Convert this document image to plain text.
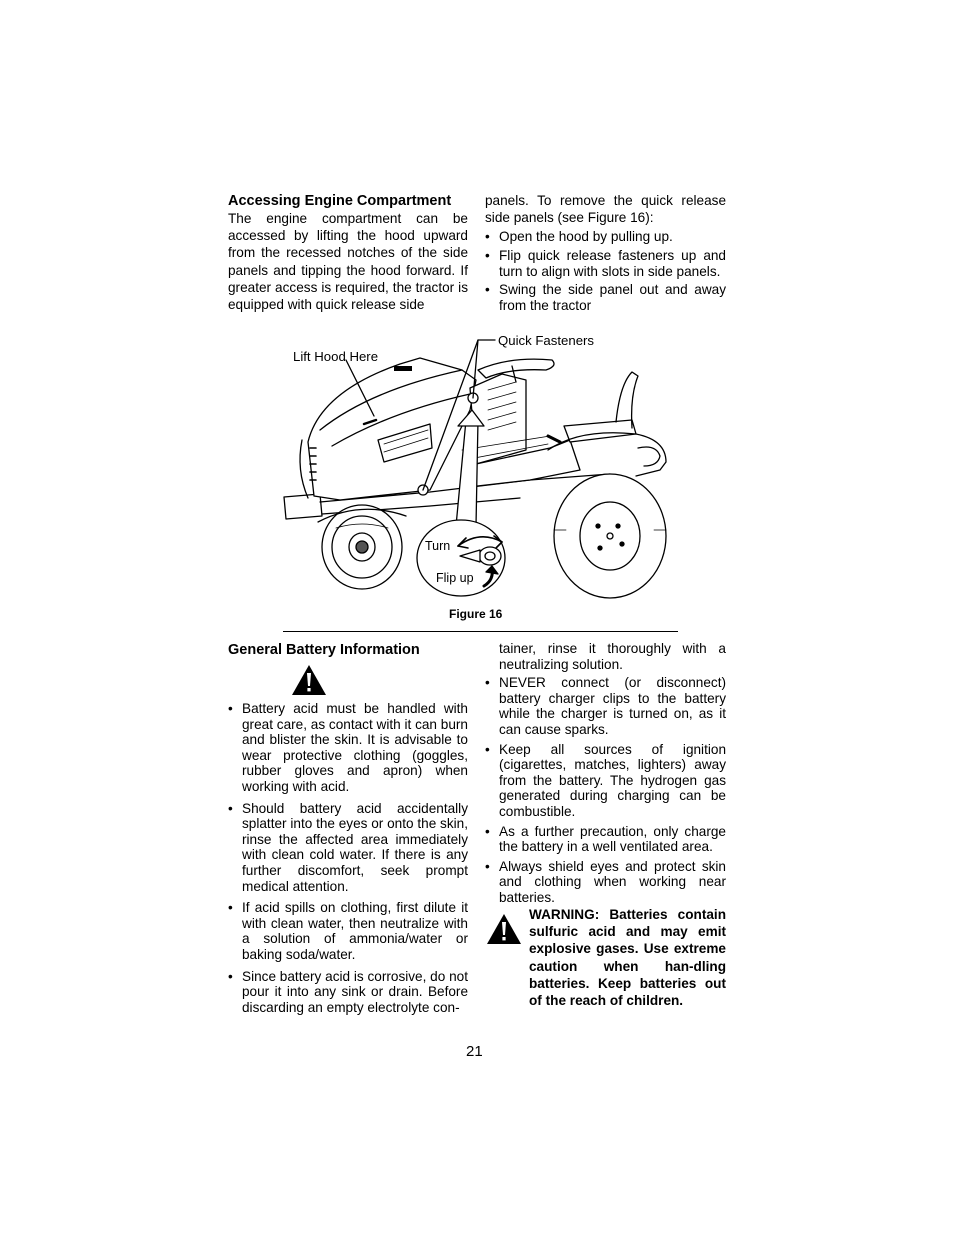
Accessing Engine Compartment
The engine compartment can be accessed by lifting the hood upward from the recessed notches of the side panels and tipping the hood forward. If greater access is required, the tractor is equipped with quick release side
panels. To remove the quick release side panels (see Figure 16):
• Open the hood by pulling up.
• Flip quick release fasteners up and turn to align with slots in side panels.
• Swing the side panel out and away from the tractor
Lift Hood Here
Quick Fasteners
Turn
Flip up
Figure 16
General Battery Information
• Battery acid must be handled with great care, as contact with it can burn and blister the skin. It is advisable to wear protective clothing (goggles, rubber gloves and apron) when working with acid.
• Should battery acid accidentally splatter into the eyes or onto the skin, rinse the affected area immediately with clean cold water. If there is any further discomfort, seek prompt medical attention.
• If acid spills on clothing, first dilute it with clean water, then neutralize with a solution of ammonia/water or baking soda/water.
• Since battery acid is corrosive, do not pour it into any sink or drain. Before discarding an empty electrolyte con-
tainer, rinse it thoroughly with a neutralizing solution.
• NEVER connect (or disconnect) battery charger clips to the battery while the charger is turned on, as it can cause sparks.
• Keep all sources of ignition (cigarettes, matches, lighters) away from the battery. The hydrogen gas generated during charging can be combustible.
• As a further precaution, only charge the battery in a well ventilated area.
• Always shield eyes and protect skin and clothing when working near batteries.
WARNING: Batteries contain sulfuric acid and may emit explosive gases. Use extreme caution when han-dling batteries. Keep batteries out of the reach of children.
21
